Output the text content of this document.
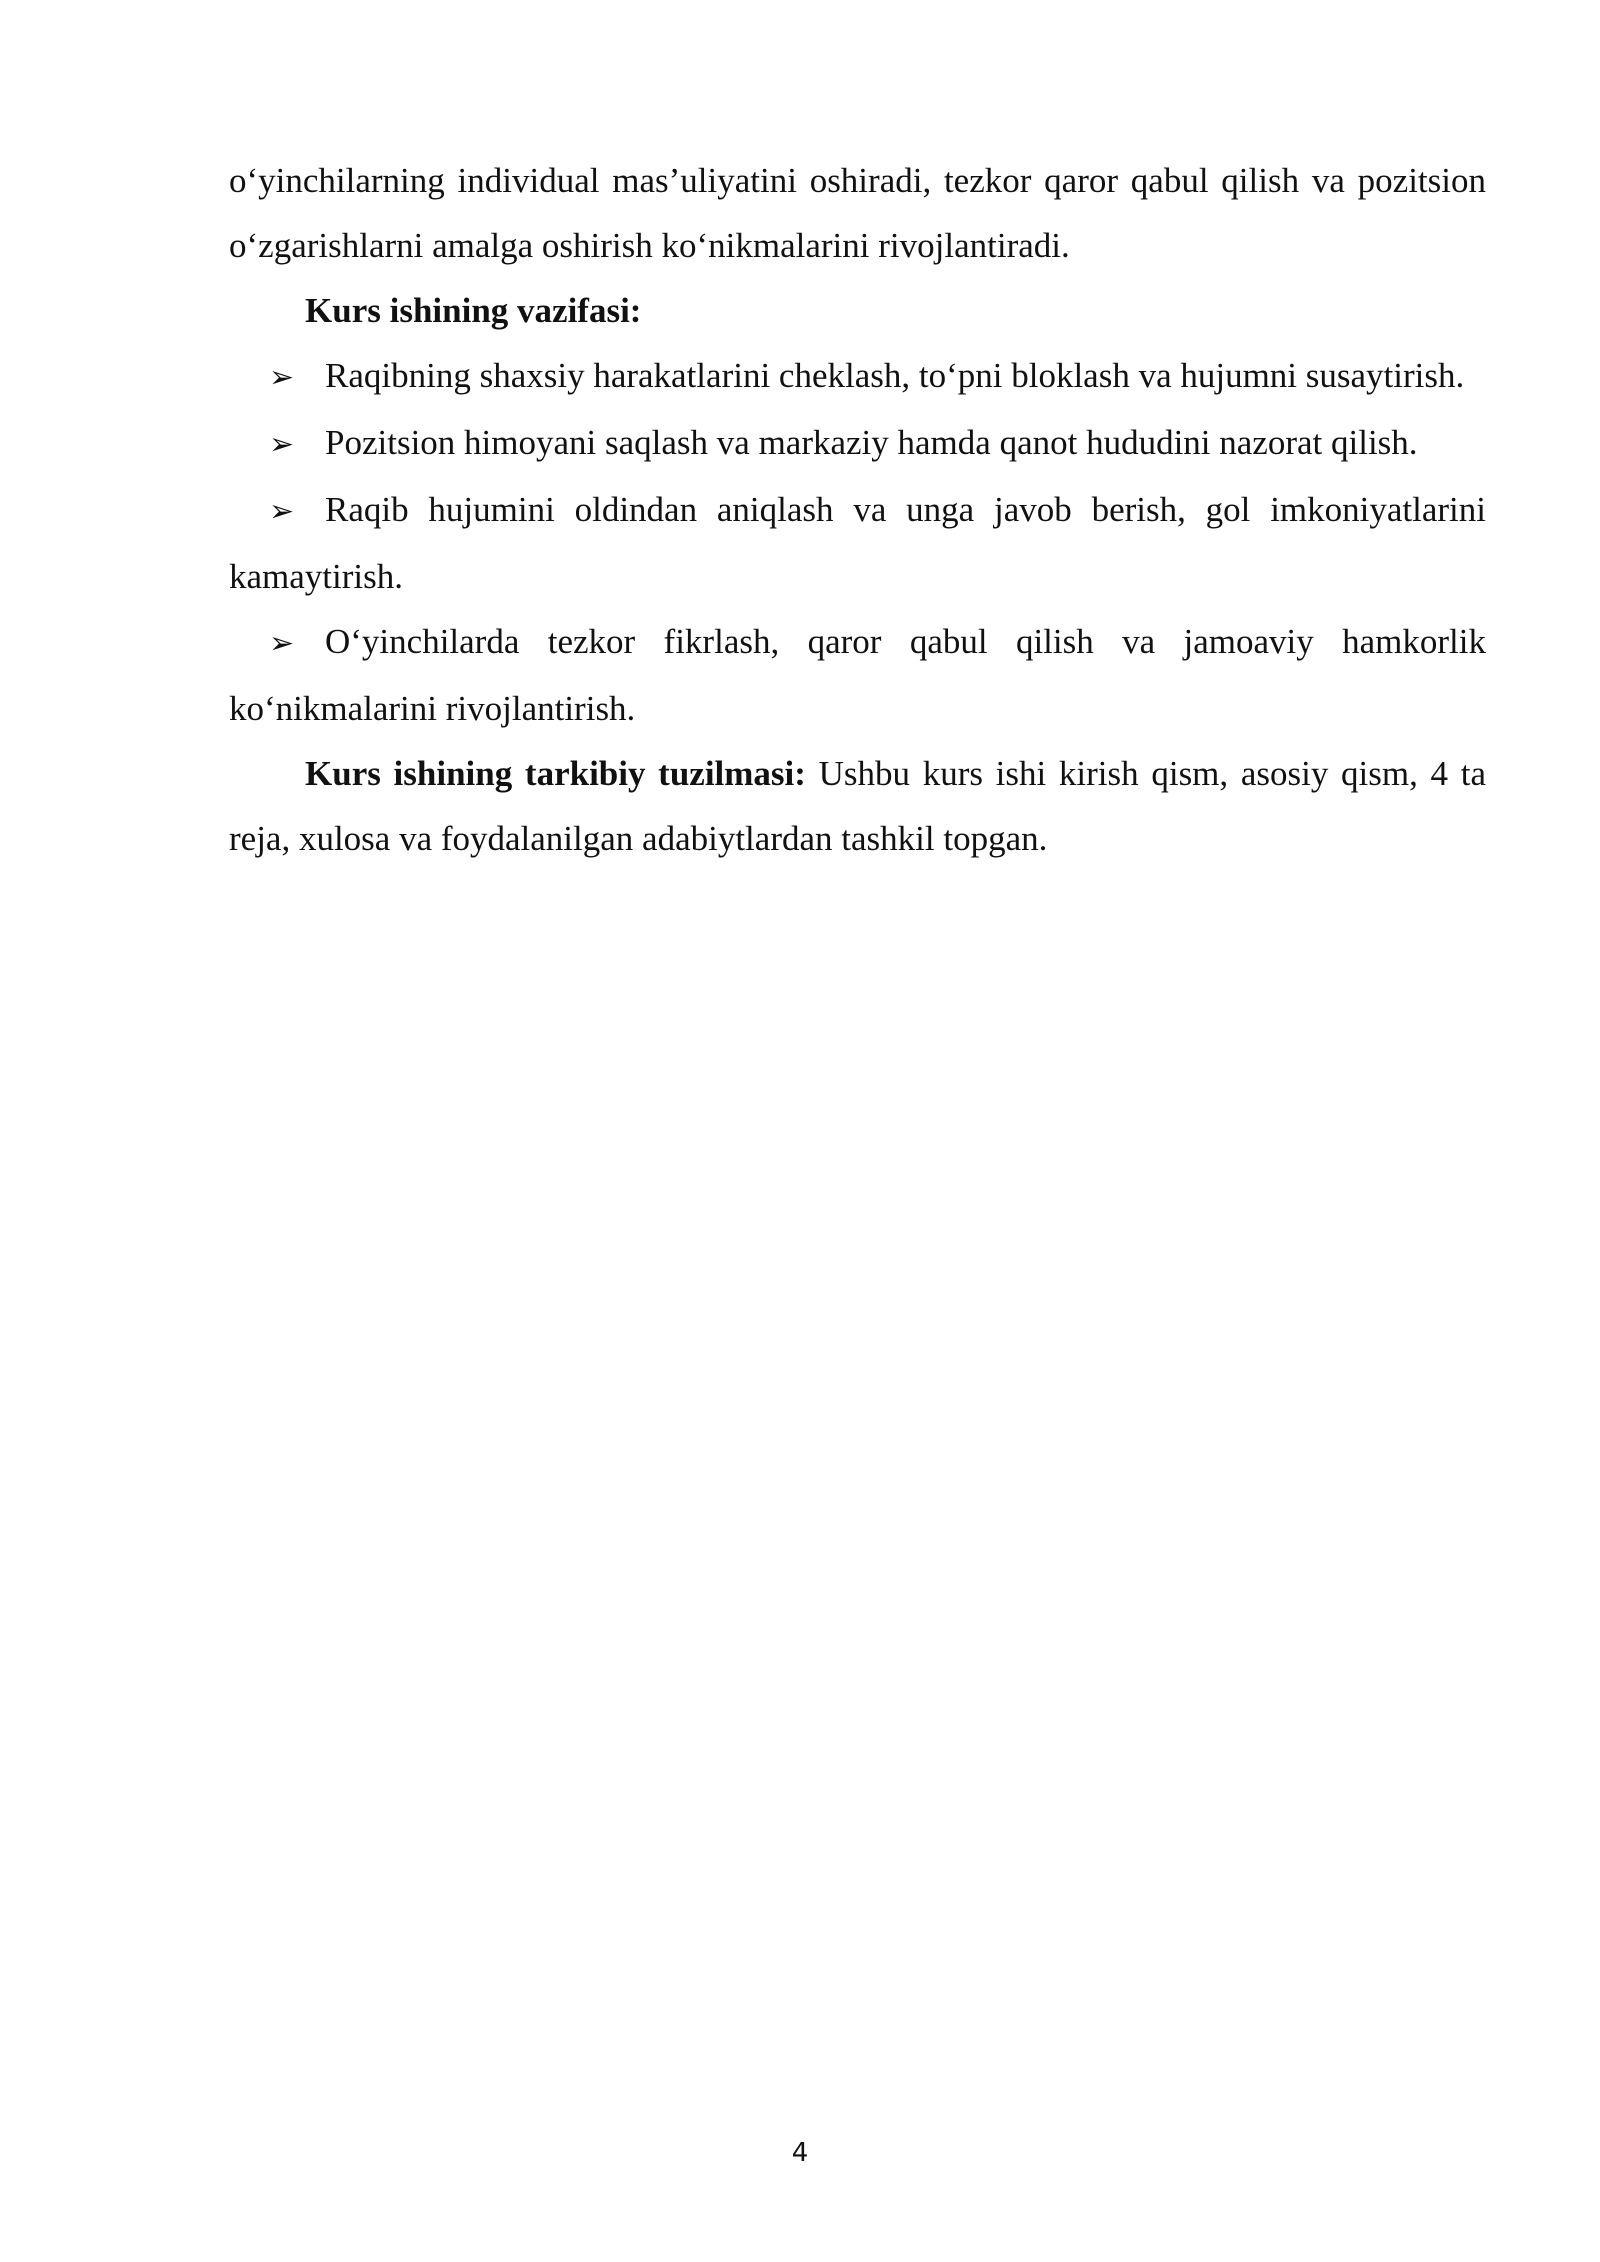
o‘yinchilarning individual mas’uliyatini oshiradi, tezkor qaror qabul qilish va pozitsion o‘zgarishlarni amalga oshirish ko‘nikmalarini rivojlantiradi.

Kurs ishining vazifasi:

➢ Raqibning shaxsiy harakatlarini cheklash, to‘pni bloklash va hujumni susaytirish.

➢ Pozitsion himoyani saqlash va markaziy hamda qanot hududini nazorat qilish.

➢ Raqib hujumini oldindan aniqlash va unga javob berish, gol imkoniyatlarini kamaytirish.

➢ O‘yinchilarda tezkor fikrlash, qaror qabul qilish va jamoaviy hamkorlik ko‘nikmalarini rivojlantirish.

Kurs ishining tarkibiy tuzilmasi: Ushbu kurs ishi kirish qism, asosiy qism, 4 ta reja, xulosa va foydalanilgan adabiytlardan tashkil topgan.

4
